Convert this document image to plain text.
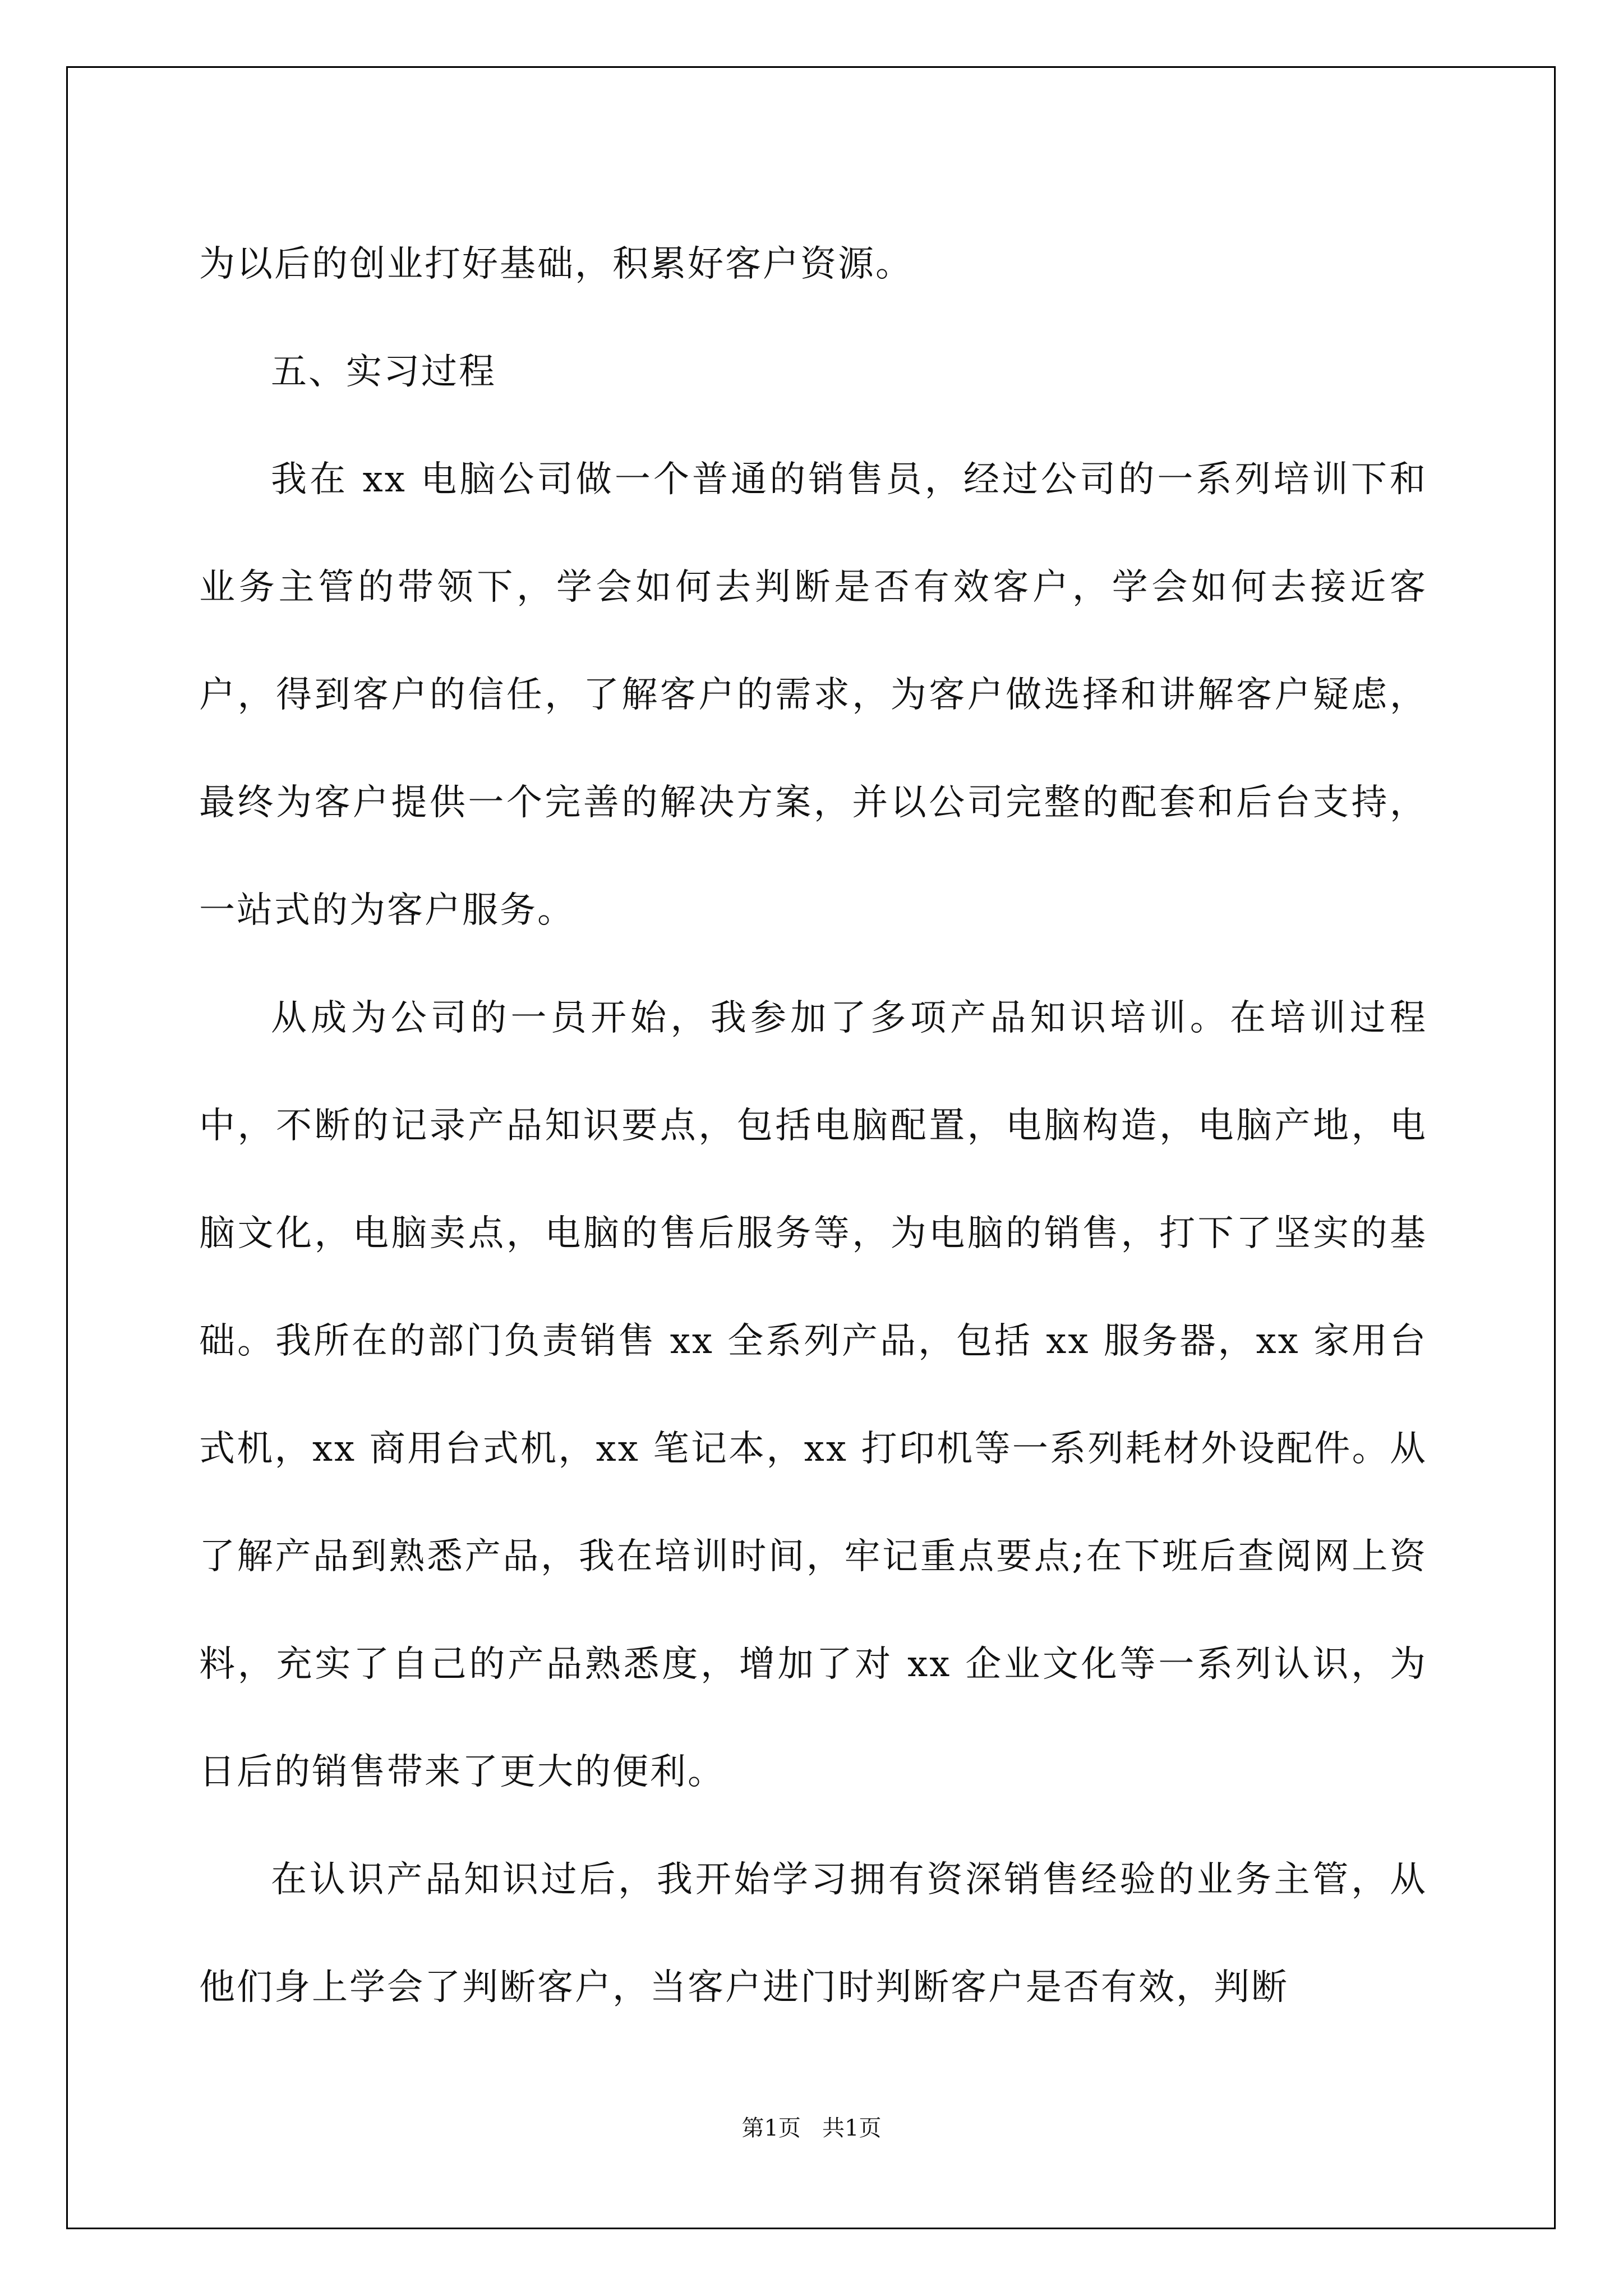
为以后的创业打好基础，积累好客户资源。

五、实习过程

我在 xx 电脑公司做一个普通的销售员，经过公司的一系列培训下和业务主管的带领下，学会如何去判断是否有效客户，学会如何去接近客户，得到客户的信任，了解客户的需求，为客户做选择和讲解客户疑虑，最终为客户提供一个完善的解决方案，并以公司完整的配套和后台支持，一站式的为客户服务。

从成为公司的一员开始，我参加了多项产品知识培训。在培训过程中，不断的记录产品知识要点，包括电脑配置，电脑构造，电脑产地，电脑文化，电脑卖点，电脑的售后服务等，为电脑的销售，打下了坚实的基础。我所在的部门负责销售 xx 全系列产品，包括 xx 服务器，xx 家用台式机，xx 商用台式机，xx 笔记本，xx 打印机等一系列耗材外设配件。从了解产品到熟悉产品，我在培训时间，牢记重点要点;在下班后查阅网上资料，充实了自己的产品熟悉度，增加了对 xx 企业文化等一系列认识，为日后的销售带来了更大的便利。

在认识产品知识过后，我开始学习拥有资深销售经验的业务主管，从他们身上学会了判断客户，当客户进门时判断客户是否有效，判断

第1页   共1页
